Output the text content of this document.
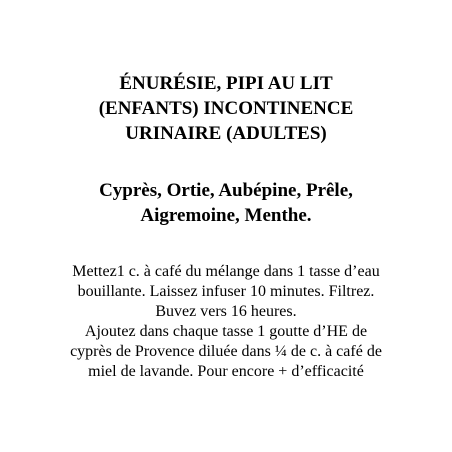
ÉNURÉSIE, PIPI AU LIT
(ENFANTS) INCONTINENCE
URINAIRE (ADULTES)
Cyprès, Ortie, Aubépine, Prêle,
Aigremoine, Menthe.

Mettez1 c. à café du mélange dans 1 tasse d’eau
bouillante. Laissez infuser 10 minutes. Filtrez.
Buvez vers 16 heures.
Ajoutez dans chaque tasse 1 goutte d’HE de
cyprès de Provence diluée dans ¼ de c. à café de
miel de lavande. Pour encore + d’efficacité
